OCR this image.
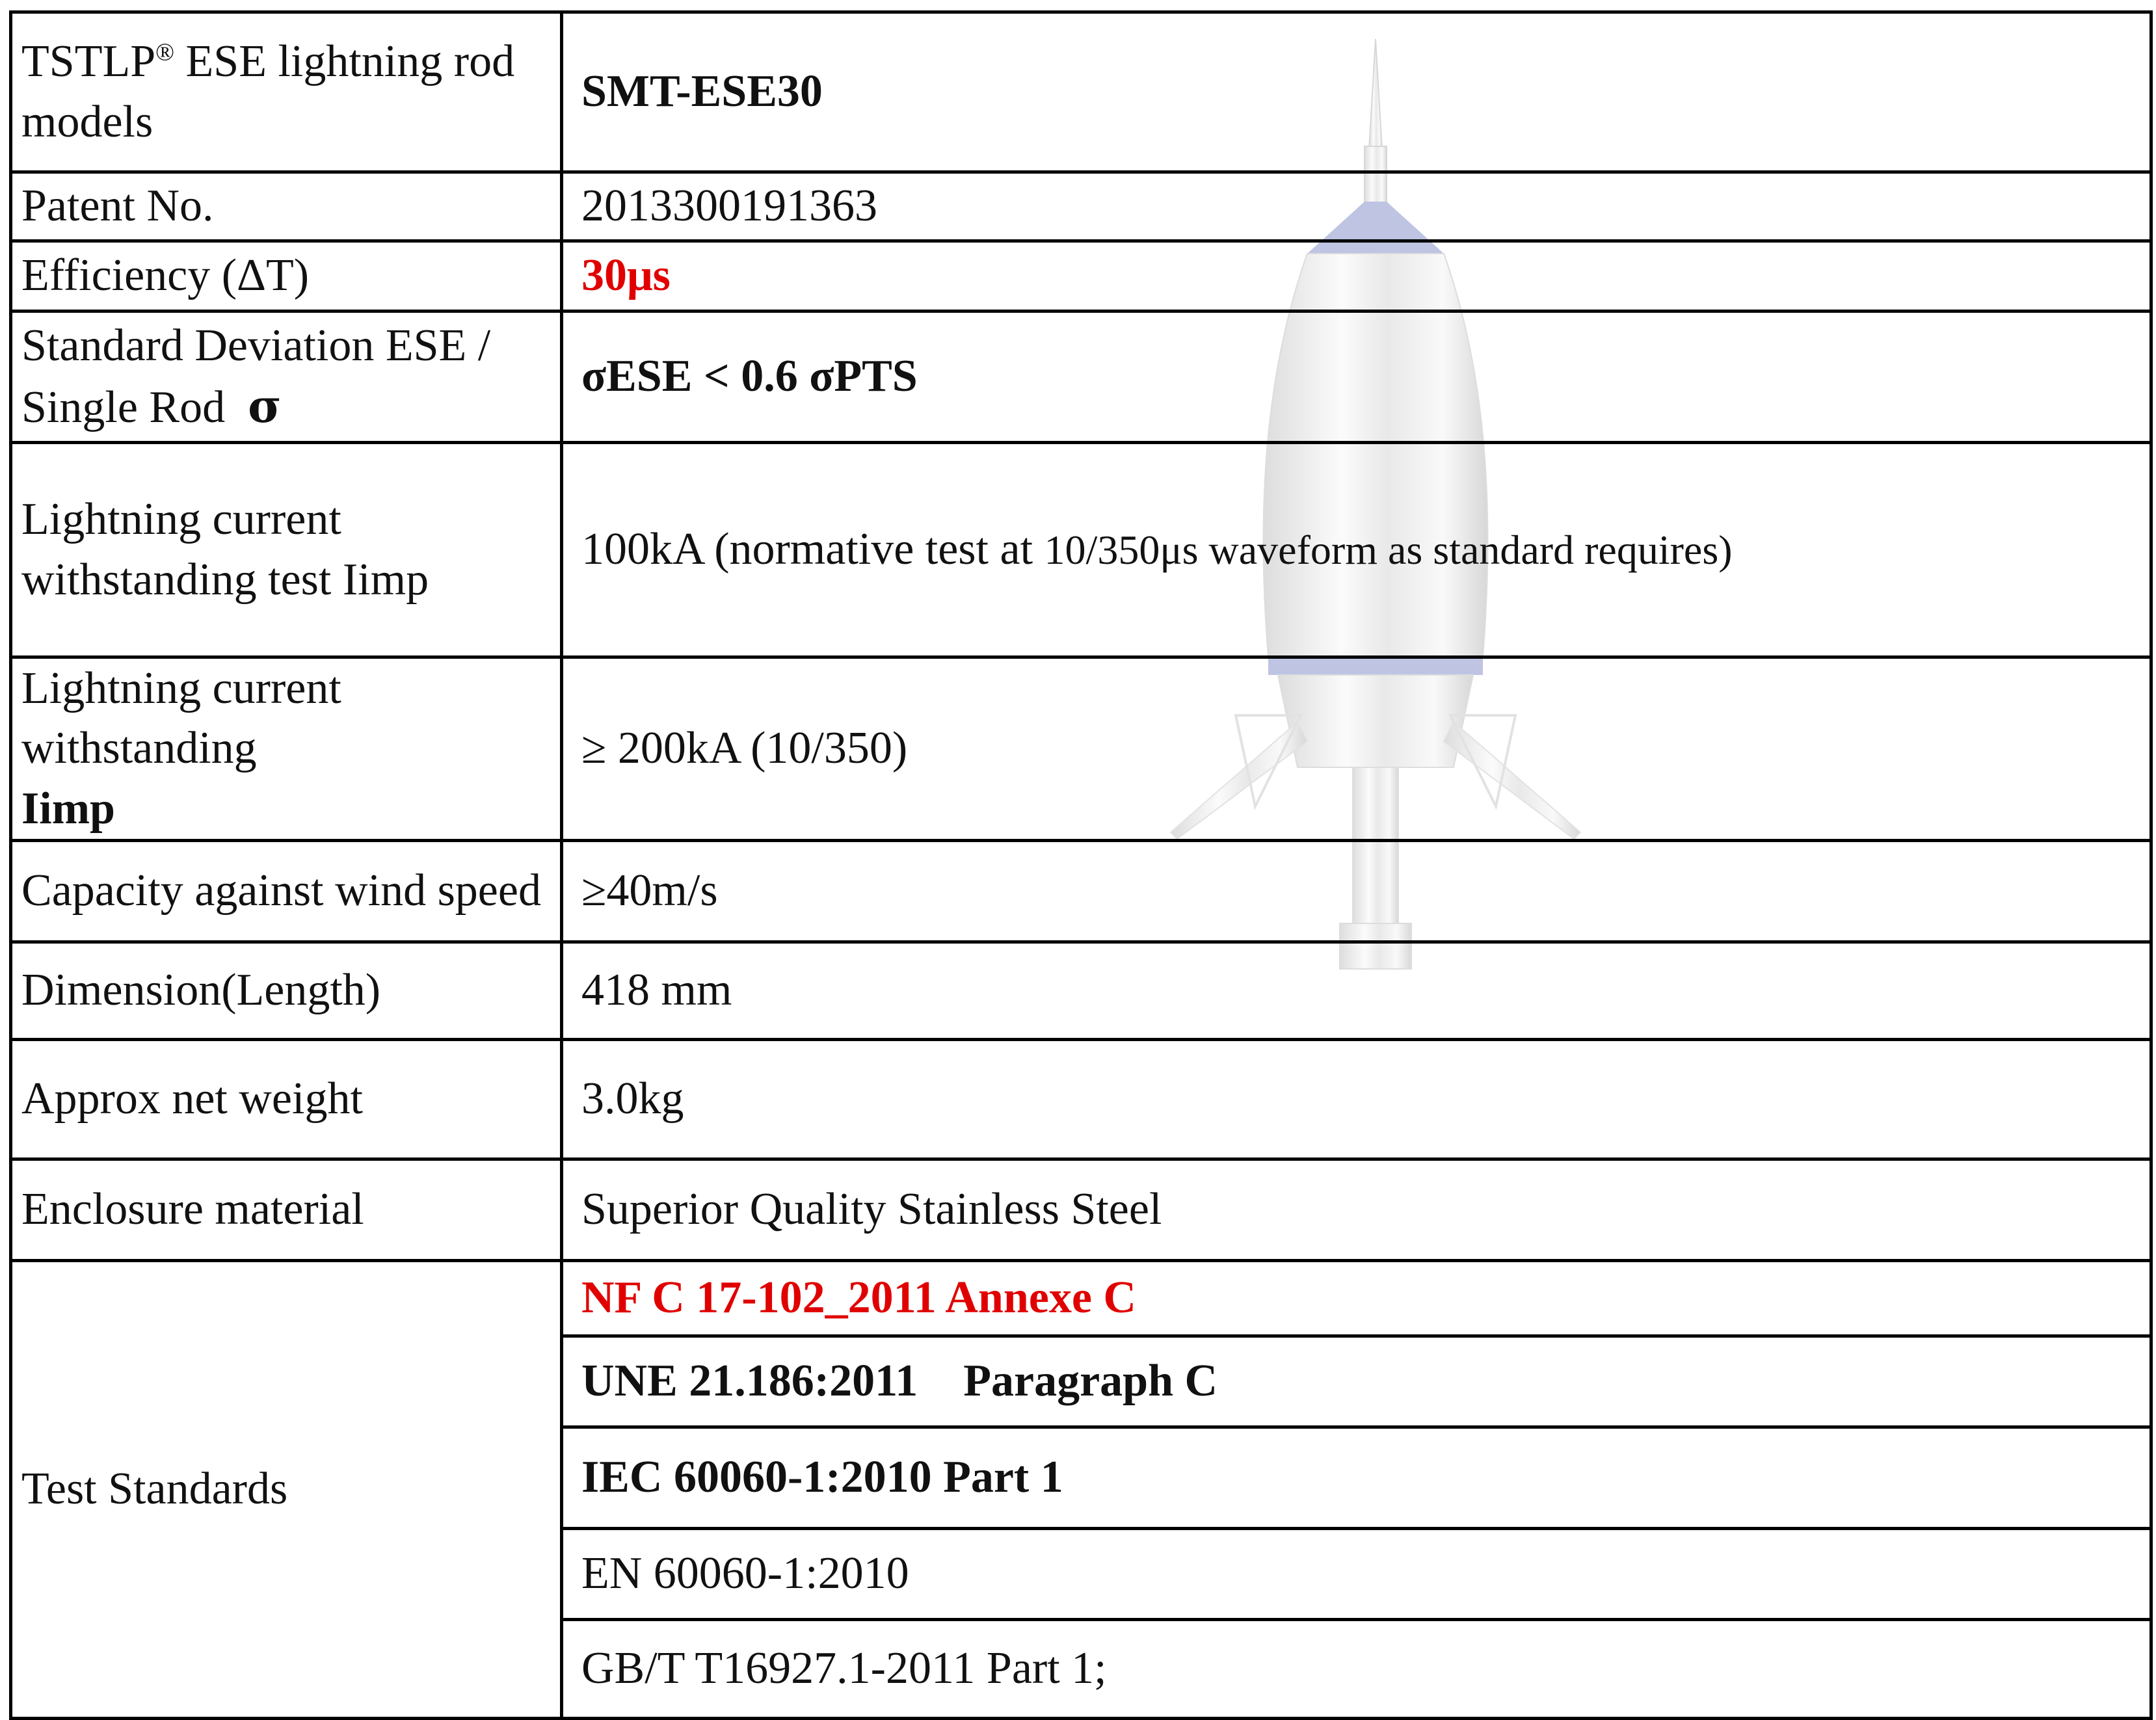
TSTLP® ESE lightning rod models	SMT-ESE30
Patent No.	2013300191363
Efficiency (ΔT)	30μs
Standard Deviation ESE /
Single Rod σ	σESE < 0.6 σPTS
Lightning current withstanding test Iimp	100kA (normative test at 10/350μs waveform as standard requires)
Lightning current withstanding
Iimp	≥ 200kA (10/350)
Capacity against wind speed	≥40m/s
Dimension(Length)	418 mm
Approx net weight	3.0kg
Enclosure material	Superior Quality Stainless Steel
Test Standards	NF C 17-102_2011 Annexe C
	UNE 21.186:2011    Paragraph C
	IEC 60060-1:2010 Part 1
	EN 60060-1:2010
	GB/T T16927.1-2011 Part 1;
